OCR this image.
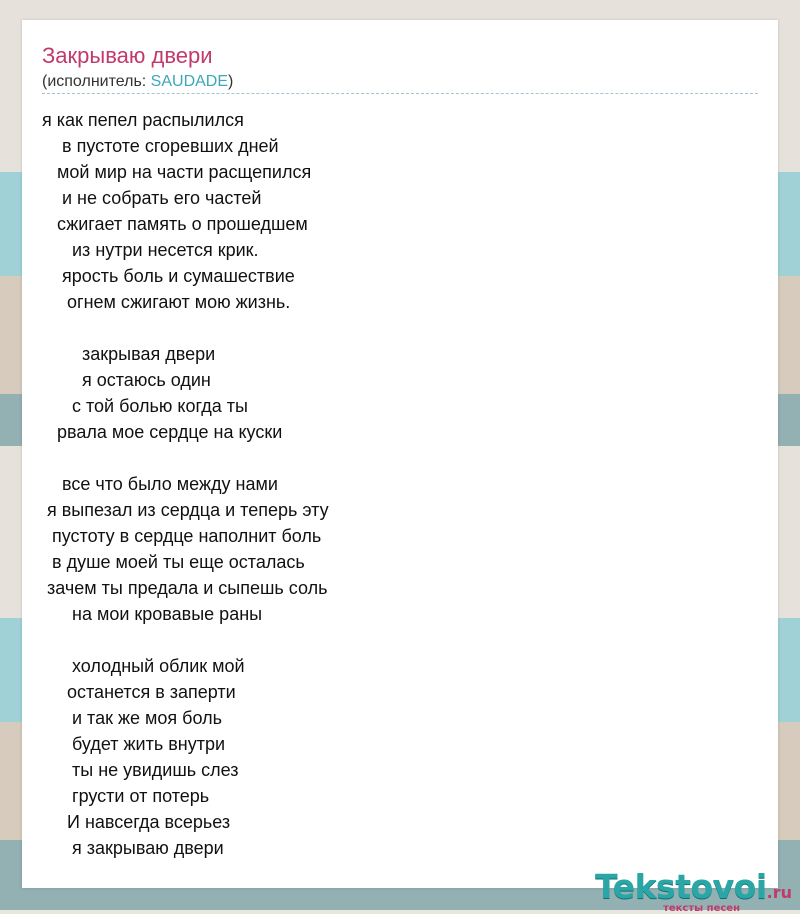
Закрываю двери
(исполнитель: SAUDADE)
я как пепел распылился
в пустоте сгоревших дней
мой мир на части расщепился
и не собрать его частей
сжигает память о прошедшем
из нутри несется крик.
ярость боль и сумашествие
огнем сжигают мою жизнь.

закрывая двери
я остаюсь один
с той болью когда ты
рвала мое сердце на куски

все что было между нами
я выпезал из сердца и теперь эту
пустоту в сердце наполнит боль
в душе моей ты еще осталась
зачем ты предала и сыпешь соль
на мои кровавые раны

холодный облик мой
останется в заперти
и так же моя боль
будет жить внутри
ты не увидишь слез
грусти от потерь
И навсегда всерьез
я закрываю двери
Tekstovoi.ru
тексты песен
